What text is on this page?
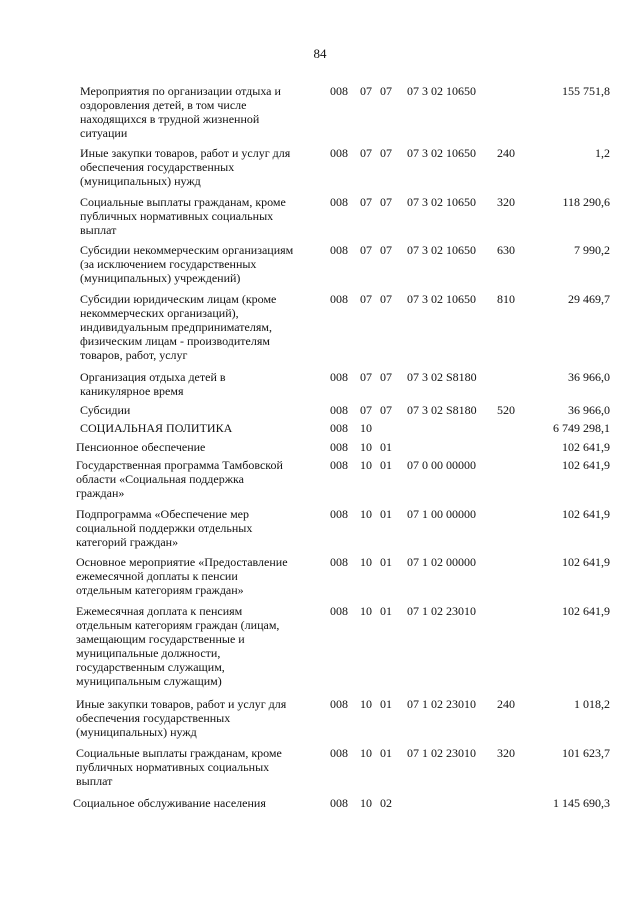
84
Мероприятия по организации отдыха и
оздоровления детей, в том числе
находящихся в трудной жизненной
ситуации
008 07 07 07 3 02 10650	155 751,8
Иные закупки товаров, работ и услуг для
обеспечения государственных
(муниципальных) нужд
008 07 07 07 3 02 10650 240	1,2
Социальные выплаты гражданам, кроме
публичных нормативных социальных
выплат
008 07 07 07 3 02 10650 320	118 290,6
Субсидии некоммерческим организациям
(за исключением государственных
(муниципальных) учреждений)
008 07 07 07 3 02 10650 630	7 990,2
Субсидии юридическим лицам (кроме
некоммерческих организаций),
индивидуальным предпринимателям,
физическим лицам - производителям
товаров, работ, услуг
008 07 07 07 3 02 10650 810	29 469,7
Организация отдыха детей в
каникулярное время
008 07 07 07 3 02 S8180	36 966,0
Субсидии	008 07 07 07 3 02 S8180 520	36 966,0
СОЦИАЛЬНАЯ ПОЛИТИКА	008 10	6 749 298,1
Пенсионное обеспечение	008 10 01	102 641,9
Государственная программа Тамбовской
области «Социальная поддержка
граждан»
008 10 01 07 0 00 00000	102 641,9
Подпрограмма «Обеспечение мер
социальной поддержки отдельных
категорий граждан»
008 10 01 07 1 00 00000	102 641,9
Основное мероприятие «Предоставление
ежемесячной доплаты к пенсии
отдельным категориям граждан»
008 10 01 07 1 02 00000	102 641,9
Ежемесячная доплата к пенсиям
отдельным категориям граждан (лицам,
замещающим государственные и
муниципальные должности,
государственным служащим,
муниципальным служащим)
008 10 01 07 1 02 23010	102 641,9
Иные закупки товаров, работ и услуг для
обеспечения государственных
(муниципальных) нужд
008 10 01 07 1 02 23010 240	1 018,2
Социальные выплаты гражданам, кроме
публичных нормативных социальных
выплат
008 10 01 07 1 02 23010 320	101 623,7
Социальное обслуживание населения	008 10 02	1 145 690,3
